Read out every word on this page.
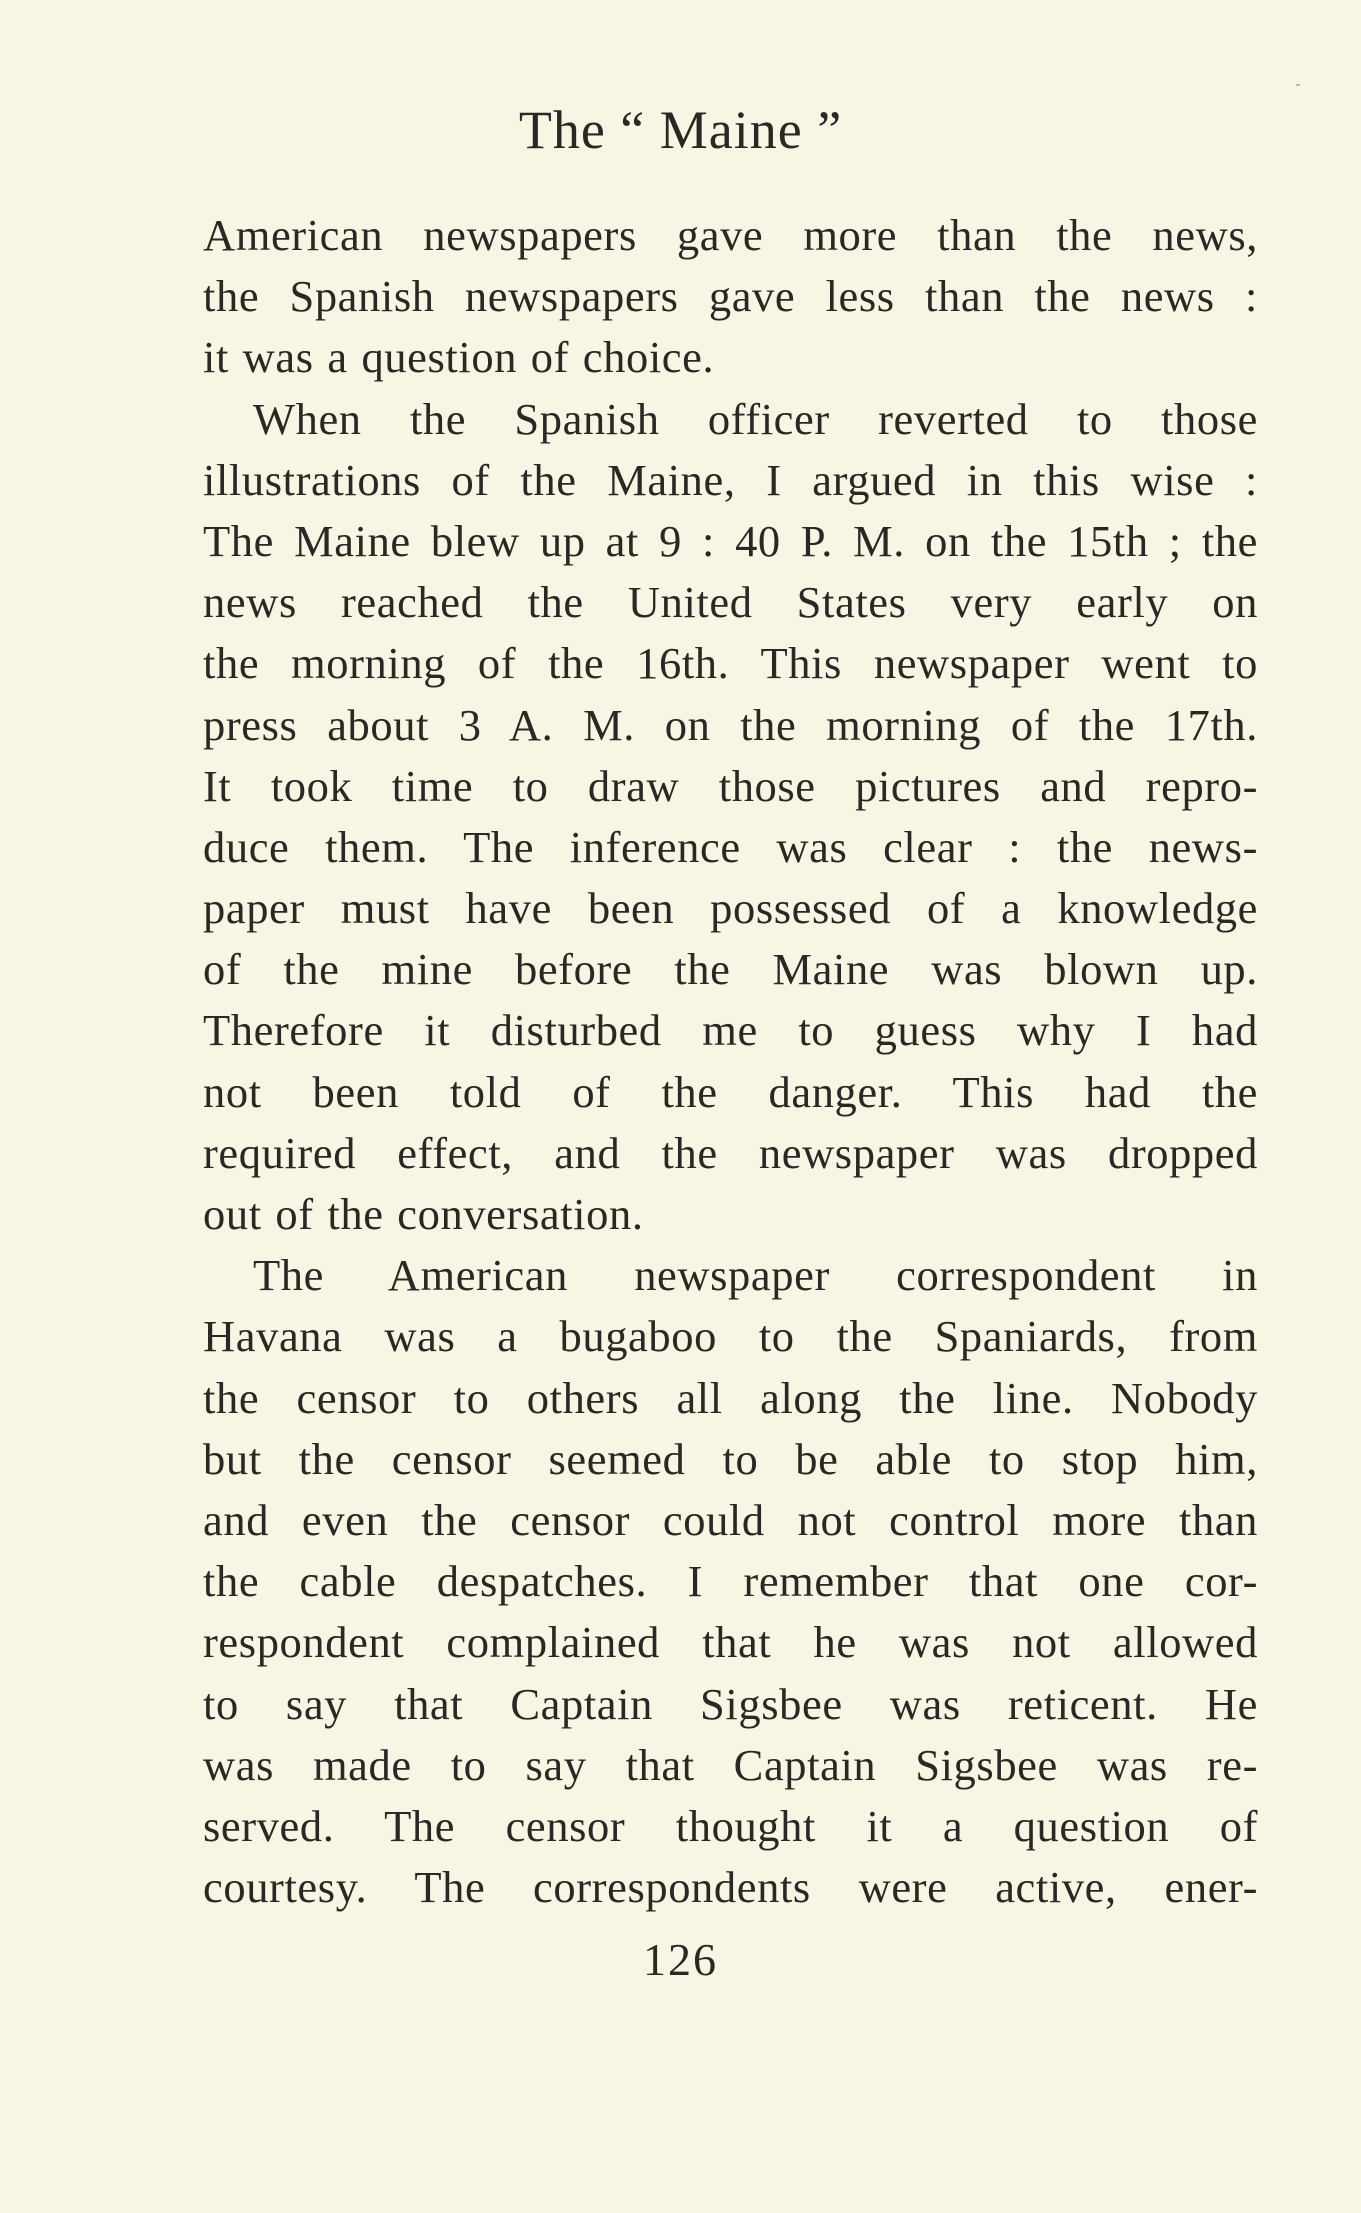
The “ Maine ”
American newspapers gave more than the news,
the Spanish newspapers gave less than the news :
it was a question of choice.
When the Spanish officer reverted to those
illustrations of the Maine, I argued in this wise :
The Maine blew up at 9 : 40 P. M. on the 15th ; the
news reached the United States very early on
the morning of the 16th. This newspaper went to
press about 3 A. M. on the morning of the 17th.
It took time to draw those pictures and repro-
duce them. The inference was clear : the news-
paper must have been possessed of a knowledge
of the mine before the Maine was blown up.
Therefore it disturbed me to guess why I had
not been told of the danger. This had the
required effect, and the newspaper was dropped
out of the conversation.
The American newspaper correspondent in
Havana was a bugaboo to the Spaniards, from
the censor to others all along the line. Nobody
but the censor seemed to be able to stop him,
and even the censor could not control more than
the cable despatches. I remember that one cor-
respondent complained that he was not allowed
to say that Captain Sigsbee was reticent. He
was made to say that Captain Sigsbee was re-
served. The censor thought it a question of
courtesy. The correspondents were active, ener-
126
